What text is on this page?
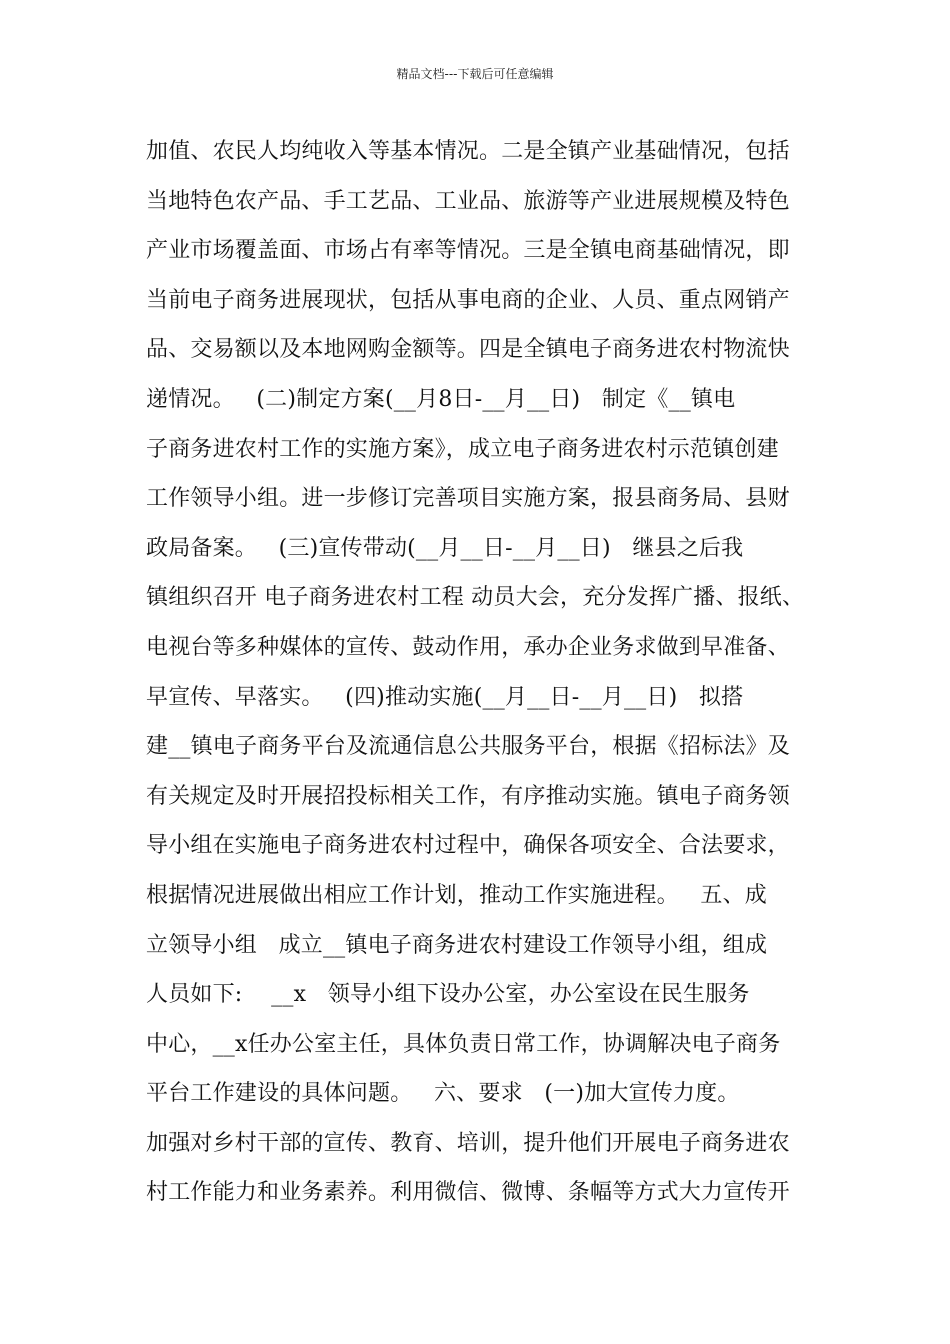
精品文档---下载后可任意编辑
加值、农民人均纯收入等基本情况。二是全镇产业基础情况，包括
当地特色农产品、手工艺品、工业品、旅游等产业进展规模及特色
产业市场覆盖面、市场占有率等情况。三是全镇电商基础情况，即
当前电子商务进展现状，包括从事电商的企业、人员、重点网销产
品、交易额以及本地网购金额等。四是全镇电子商务进农村物流快
递情况。   (二)制定方案(__月8日-__月__日)   制定《__镇电
子商务进农村工作的实施方案》，成立电子商务进农村示范镇创建
工作领导小组。进一步修订完善项目实施方案，报县商务局、县财
政局备案。   (三)宣传带动(__月__日-__月__日)   继县之后我
镇组织召开 电子商务进农村工程 动员大会，充分发挥广播、报纸、
电视台等多种媒体的宣传、鼓动作用，承办企业务求做到早准备、
早宣传、早落实。   (四)推动实施(__月__日-__月__日)   拟搭
建__镇电子商务平台及流通信息公共服务平台，根据《招标法》及
有关规定及时开展招投标相关工作，有序推动实施。镇电子商务领
导小组在实施电子商务进农村过程中，确保各项安全、合法要求，
根据情况进展做出相应工作计划，推动工作实施进程。   五、成
立领导小组   成立__镇电子商务进农村建设工作领导小组，组成
人员如下:    __x   领导小组下设办公室，办公室设在民生服务
中心，__x任办公室主任，具体负责日常工作，协调解决电子商务
平台工作建设的具体问题。   六、要求   (一)加大宣传力度。
加强对乡村干部的宣传、教育、培训，提升他们开展电子商务进农
村工作能力和业务素养。利用微信、微博、条幅等方式大力宣传开
